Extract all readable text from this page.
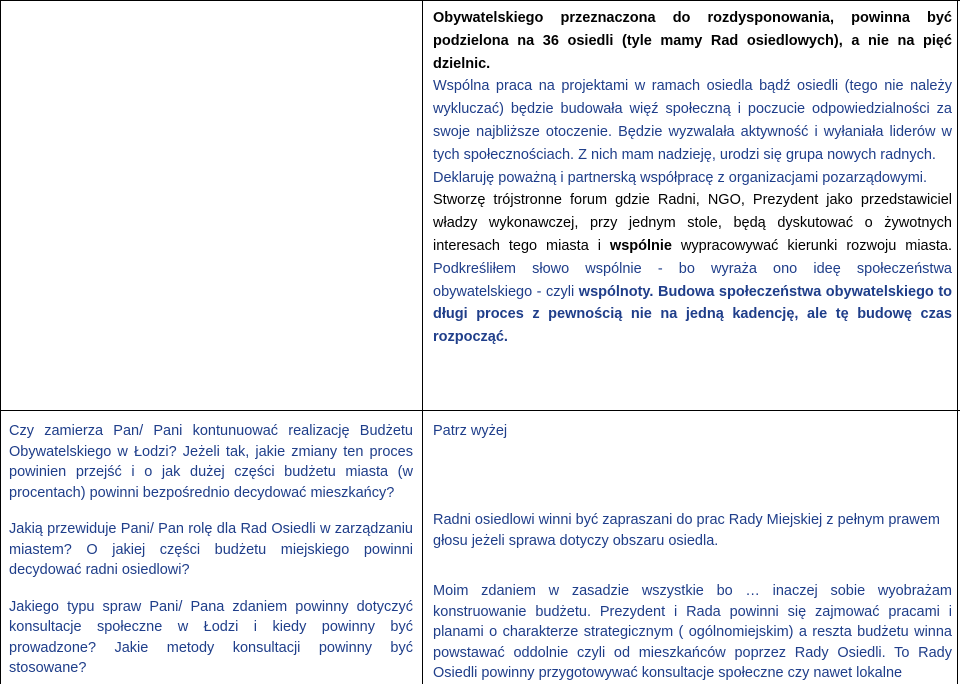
Obywatelskiego przeznaczona do rozdysponowania, powinna być podzielona na 36 osiedli (tyle mamy Rad osiedlowych), a nie na pięć dzielnic.

Wspólna praca na projektami w ramach osiedla bądź osiedli (tego nie należy wykluczać) będzie budowała więź społeczną i poczucie odpowiedzialności za swoje najbliższe otoczenie. Będzie wyzwalała aktywność i wyłaniała liderów w tych społecznościach. Z nich mam nadzieję, urodzi się grupa nowych radnych.

Deklaruję poważną i partnerską współpracę z organizacjami pozarządowymi.

Stworzę trójstronne forum gdzie Radni, NGO, Prezydent jako przedstawiciel władzy wykonawczej, przy jednym stole, będą dyskutować o żywotnych interesach tego miasta i wspólnie wypracowywać kierunki rozwoju miasta. Podkreśliłem słowo wspólnie - bo wyraża ono ideę społeczeństwa obywatelskiego - czyli wspólnoty. Budowa społeczeństwa obywatelskiego to długi proces z pewnością nie na jedną kadencję, ale tę budowę czas rozpocząć.

Czy zamierza Pan/ Pani kontunuować realizację Budżetu Obywatelskiego w Łodzi? Jeżeli tak, jakie zmiany ten proces powinien przejść i o jak dużej części budżetu miasta (w procentach) powinni bezpośrednio decydować mieszkańcy?

Jakią przewiduje Pani/ Pan rolę dla Rad Osiedli w zarządzaniu miastem? O jakiej części budżetu miejskiego powinni decydować radni osiedlowi?

Jakiego typu spraw Pani/ Pana zdaniem powinny dotyczyć konsultacje społeczne w Łodzi i kiedy powinny być prowadzone? Jakie metody konsultacji powinny być stosowane?

Patrz wyżej

Radni osiedlowi winni być zapraszani do prac Rady Miejskiej z pełnym prawem głosu jeżeli sprawa dotyczy obszaru osiedla.

Moim zdaniem w zasadzie wszystkie bo … inaczej sobie wyobrażam konstruowanie budżetu. Prezydent i Rada powinni się zajmować pracami i planami o charakterze strategicznym ( ogólnomiejskim) a reszta budżetu winna powstawać oddolnie czyli od mieszkańców poprzez Rady Osiedli. To Rady Osiedli powinny przygotowywać konsultacje społeczne czy nawet lokalne
